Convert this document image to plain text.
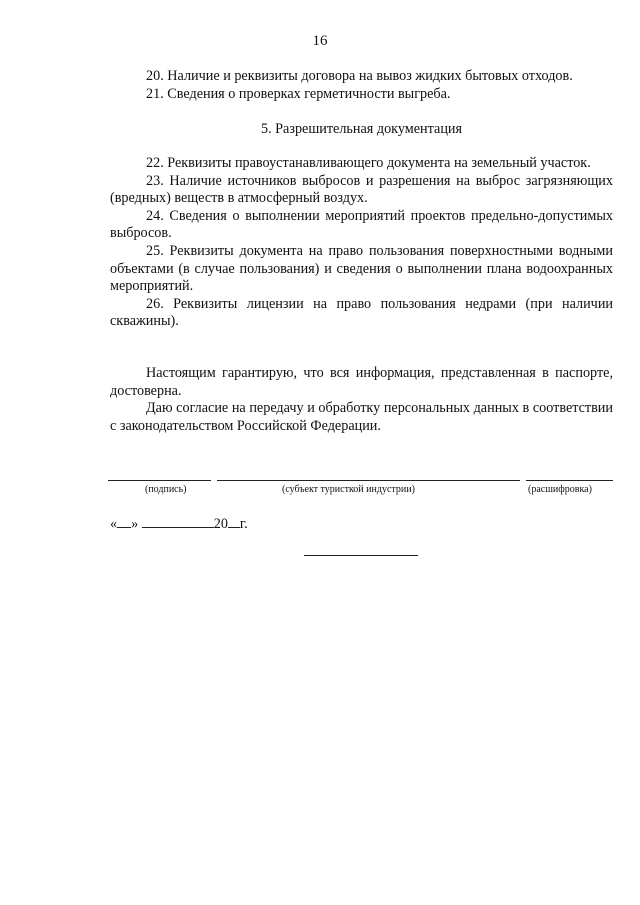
16

20. Наличие и реквизиты договора на вывоз жидких бытовых отходов.

21. Сведения о проверках герметичности выгреба.

5. Разрешительная документация

22. Реквизиты правоустанавливающего документа на земельный участок.

23. Наличие источников выбросов и разрешения на выброс загрязняющих (вредных) веществ в атмосферный воздух.

24. Сведения о выполнении мероприятий проектов предельно-допустимых выбросов.

25. Реквизиты документа на право пользования поверхностными водными объектами (в случае пользования) и сведения о выполнении плана водоохранных мероприятий.

26. Реквизиты лицензии на право пользования недрами (при наличии скважины).

Настоящим гарантирую, что вся информация, представленная в паспорте, достоверна.

Даю согласие на передачу и обработку персональных данных в соответствии с законодательством Российской Федерации.

(подпись)	(субъект туристкой индустрии)	(расшифровка)
« »	20 г.
